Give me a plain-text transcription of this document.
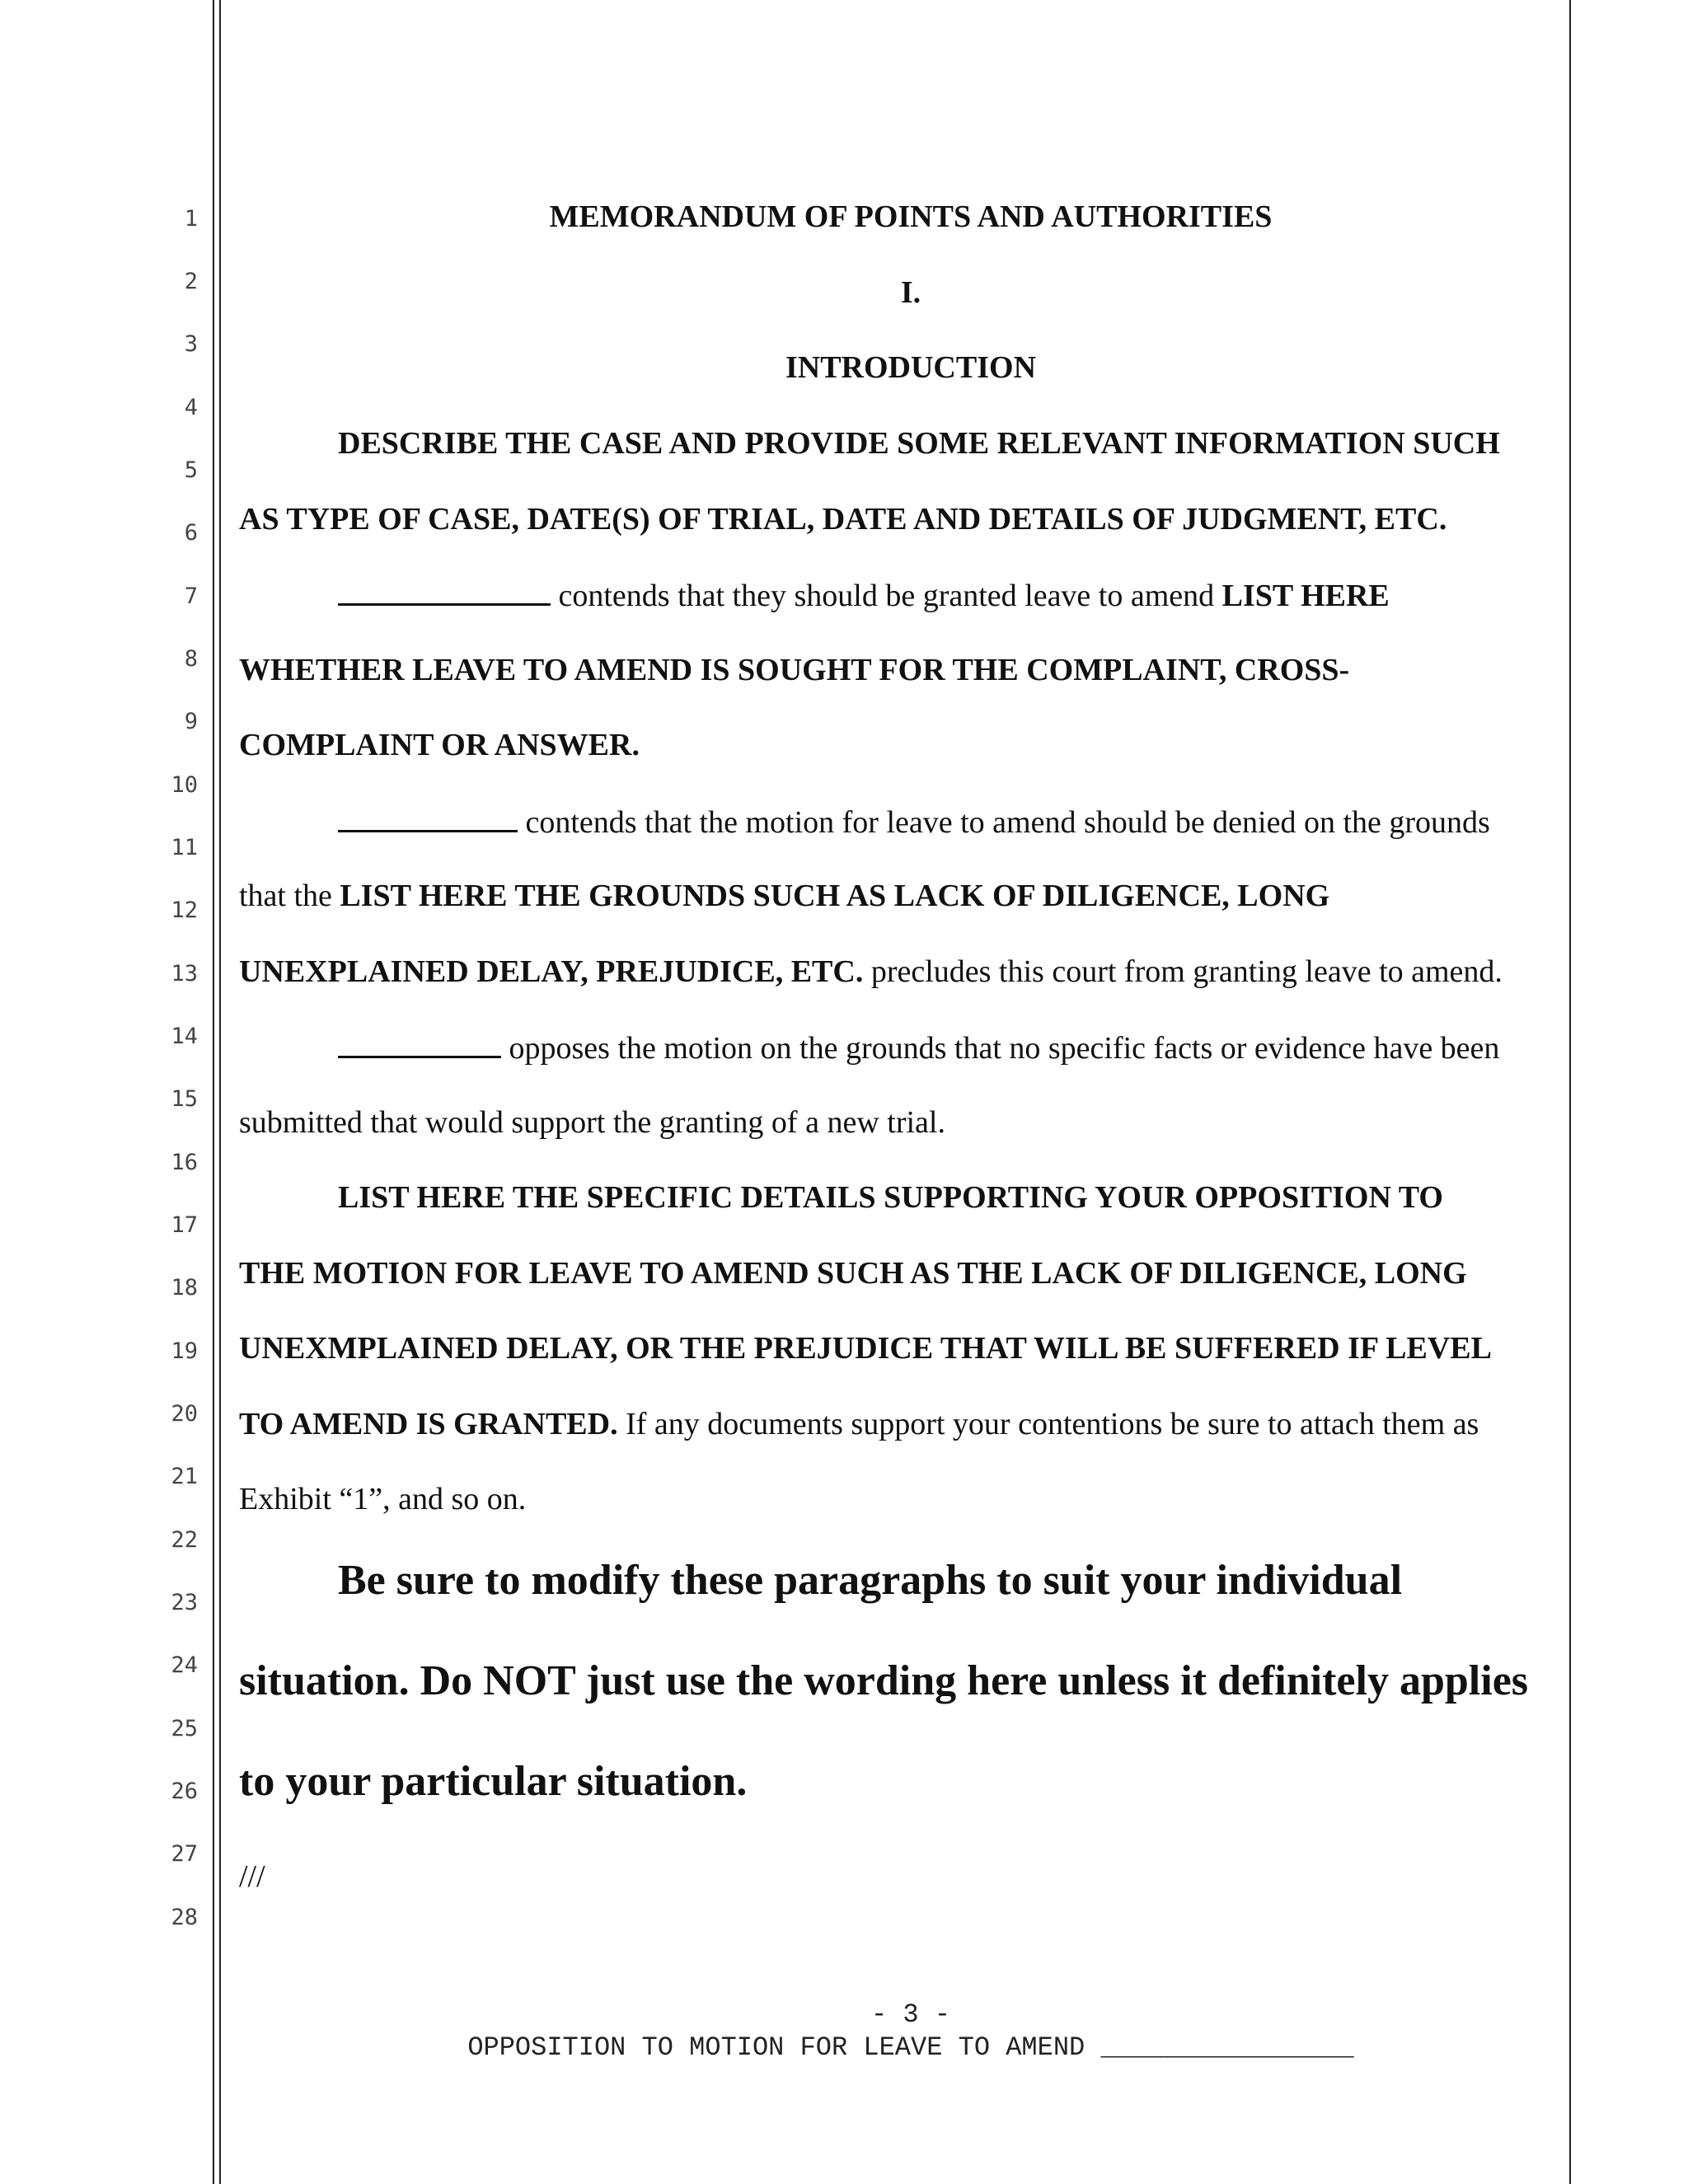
1
2
3
4
5
6
7
8
9
10
11
12
13
14
15
16
17
18
19
20
21
22
23
24
25
26
27
28
MEMORANDUM OF POINTS AND AUTHORITIES
I.
INTRODUCTION
DESCRIBE THE CASE AND PROVIDE SOME RELEVANT INFORMATION SUCH
AS TYPE OF CASE, DATE(S) OF TRIAL, DATE AND DETAILS OF JUDGMENT, ETC.
contends that they should be granted leave to amend LIST HERE
WHETHER LEAVE TO AMEND IS SOUGHT FOR THE COMPLAINT, CROSS-
COMPLAINT OR ANSWER.
contends that the motion for leave to amend should be denied on the grounds
that the LIST HERE THE GROUNDS SUCH AS LACK OF DILIGENCE, LONG
UNEXPLAINED DELAY, PREJUDICE, ETC. precludes this court from granting leave to amend.
opposes the motion on the grounds that no specific facts or evidence have been
submitted that would support the granting of a new trial.
LIST HERE THE SPECIFIC DETAILS SUPPORTING YOUR OPPOSITION TO
THE MOTION FOR LEAVE TO AMEND SUCH AS THE LACK OF DILIGENCE, LONG
UNEXMPLAINED DELAY, OR THE PREJUDICE THAT WILL BE SUFFERED IF LEVEL
TO AMEND IS GRANTED. If any documents support your contentions be sure to attach them as
Exhibit “1”, and so on.
Be sure to modify these paragraphs to suit your individual
situation. Do NOT just use the wording here unless it definitely applies
to your particular situation.
///
- 3 -
OPPOSITION TO MOTION FOR LEAVE TO AMEND ________________
